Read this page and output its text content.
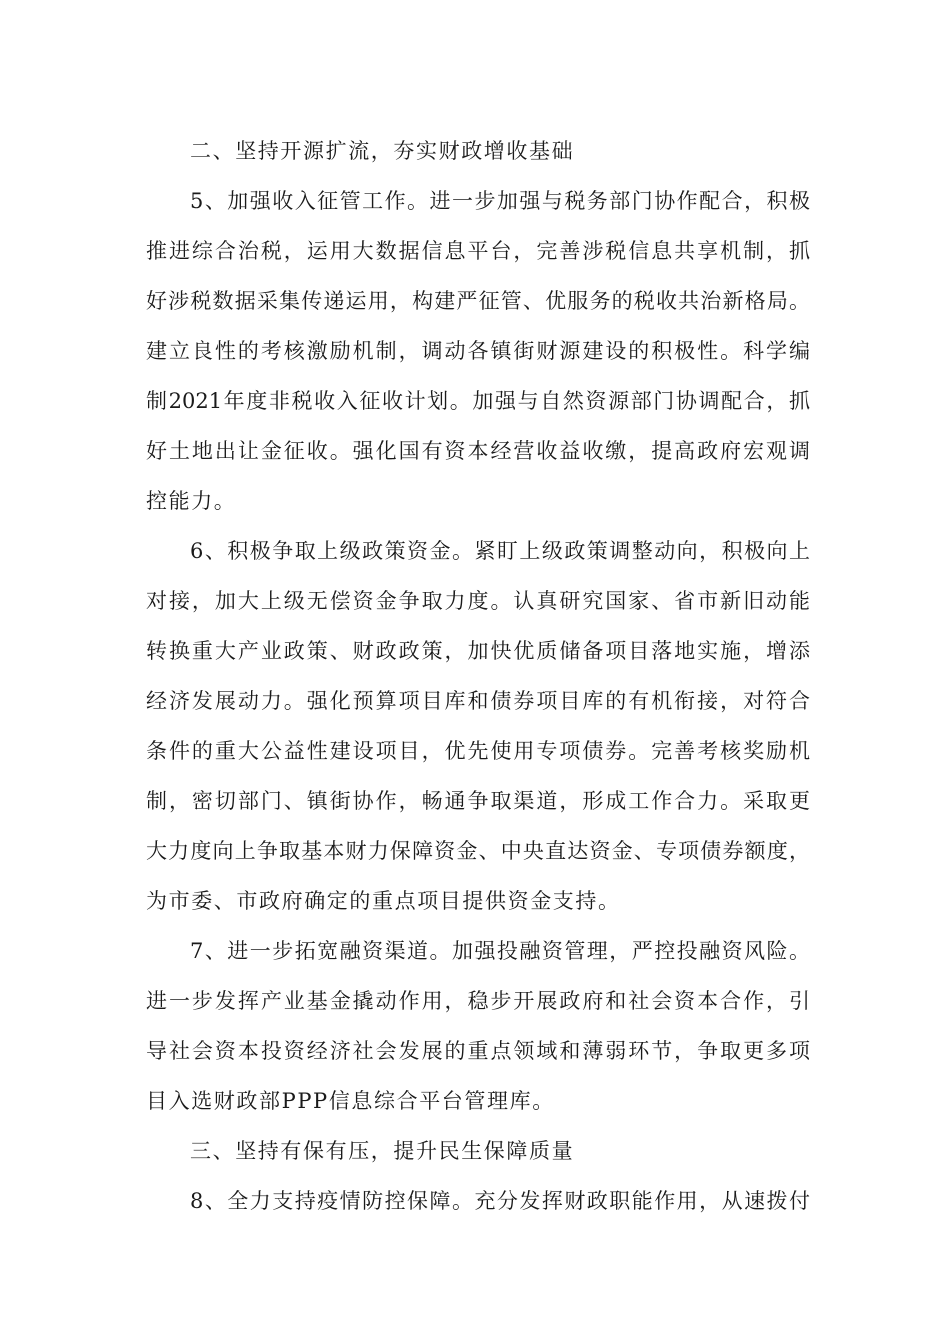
二、坚持开源扩流，夯实财政增收基础
5、加强收入征管工作。进一步加强与税务部门协作配合，积极
推进综合治税，运用大数据信息平台，完善涉税信息共享机制，抓
好涉税数据采集传递运用，构建严征管、优服务的税收共治新格局。
建立良性的考核激励机制，调动各镇街财源建设的积极性。科学编
制2021年度非税收入征收计划。加强与自然资源部门协调配合，抓
好土地出让金征收。强化国有资本经营收益收缴，提高政府宏观调
控能力。
6、积极争取上级政策资金。紧盯上级政策调整动向，积极向上
对接，加大上级无偿资金争取力度。认真研究国家、省市新旧动能
转换重大产业政策、财政政策，加快优质储备项目落地实施，增添
经济发展动力。强化预算项目库和债券项目库的有机衔接，对符合
条件的重大公益性建设项目，优先使用专项债券。完善考核奖励机
制，密切部门、镇街协作，畅通争取渠道，形成工作合力。采取更
大力度向上争取基本财力保障资金、中央直达资金、专项债券额度，
为市委、市政府确定的重点项目提供资金支持。
7、进一步拓宽融资渠道。加强投融资管理，严控投融资风险。
进一步发挥产业基金撬动作用，稳步开展政府和社会资本合作，引
导社会资本投资经济社会发展的重点领域和薄弱环节，争取更多项
目入选财政部PPP信息综合平台管理库。
三、坚持有保有压，提升民生保障质量
8、全力支持疫情防控保障。充分发挥财政职能作用，从速拨付
